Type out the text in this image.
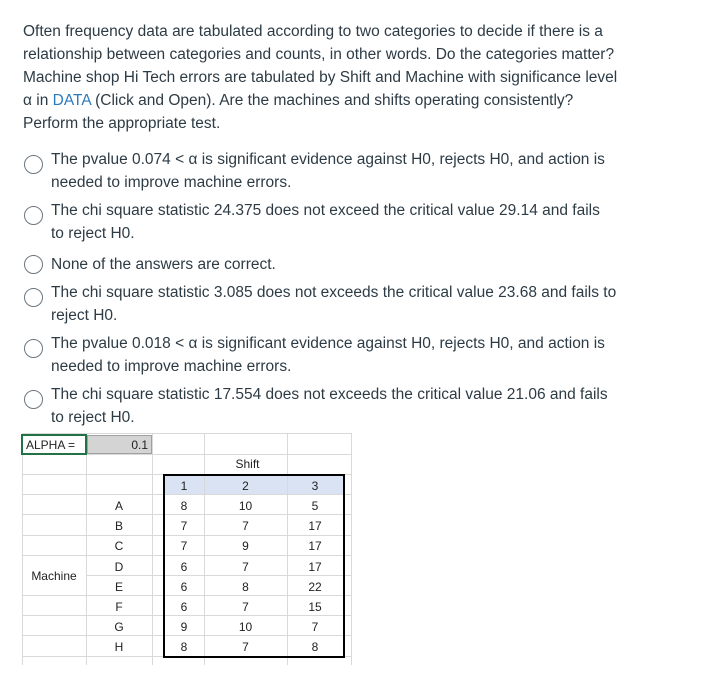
Often frequency data are tabulated according to two categories to decide if there is a relationship between categories and counts, in other words. Do the categories matter? Machine shop Hi Tech errors are tabulated by Shift and Machine with significance level α in DATA (Click and Open). Are the machines and shifts operating consistently? Perform the appropriate test.
The pvalue 0.074 < α is significant evidence against H0, rejects H0, and action is needed to improve machine errors.
The chi square statistic 24.375 does not exceed the critical value 29.14 and fails to reject H0.
None of the answers are correct.
The chi square statistic 3.085 does not exceeds the critical value 23.68 and fails to reject H0.
The pvalue 0.018 < α is significant evidence against H0, rejects H0, and action is needed to improve machine errors.
The chi square statistic 17.554 does not exceeds the critical value 21.06 and fails to reject H0.
ALPHA =	0.1
Shift
Machine
1	2	3
A	8	10	5
B	7	7	17
C	7	9	17
D	6	7	17
E	6	8	22
F	6	7	15
G	9	10	7
H	8	7	8
